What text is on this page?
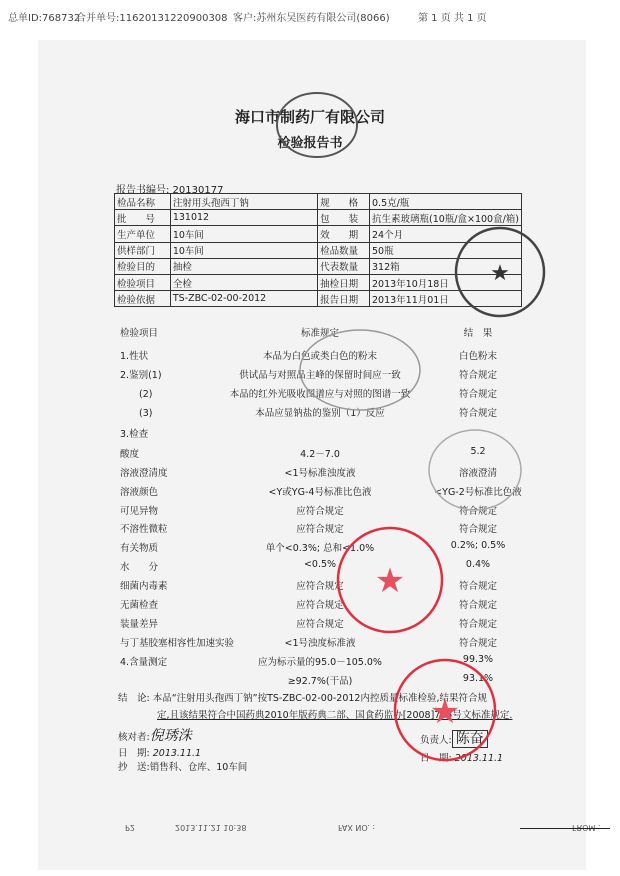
总单ID:768732
合并单号:11620131220900308 客户:苏州东吴医药有限公司(8066)	第 1 页 共 1 页
海口市制药厂有限公司
检验报告书
报告书编号: 20130177
检品名称	注射用头孢西丁钠	规　　格	0.5克/瓶
批　　号	131012	包　　装	抗生素玻璃瓶(10瓶/盒×100盒/箱)
生产单位	10车间	效　　期	24个月
供样部门	10车间	检品数量	50瓶
检验目的	抽检	代表数量	312箱
检验项目	全检	抽检日期	2013年10月18日
检验依据	TS-ZBC-02-00-2012	报告日期	2013年11月01日
检验项目	标准规定	结　果
1.性状	本品为白色或类白色的粉末	白色粉末
2.鉴别(1)	供试品与对照品主峰的保留时间应一致	符合规定
　　(2)	本品的红外光吸收图谱应与对照的图谱一致	符合规定
　　(3)	本品应显钠盐的鉴别（1）反应	符合规定
3.检查
酸度	4.2－7.0	5.2
溶液澄清度	<1号标准浊度液	溶液澄清
溶液颜色	<Y或YG-4号标准比色液	<YG-2号标准比色液
可见异物	应符合规定	符合规定
不溶性微粒	应符合规定	符合规定
有关物质	单个<0.3%; 总和<1.0%	0.2%; 0.5%
水　　分	<0.5%	0.4%
细菌内毒素	应符合规定	符合规定
无菌检查	应符合规定	符合规定
装量差异	应符合规定	符合规定
与丁基胶塞相容性加速实验	<1号浊度标准液	符合规定
4.含量测定	应为标示量的95.0－105.0%	99.3%
≥92.7%(干品)	93.1%
结　论: 本品“注射用头孢西丁钠”按TS-ZBC-02-00-2012内控质量标准检验,结果符合规
定,且该结果符合中国药典2010年版药典二部、国食药监办[2008]765号文标准规定.
核对者:倪琇洙
日　期: 2013.11.1
抄　送:销售科、仓库、10车间
负责人: 陈奋
日　期: 2013.11.1
P2	2013.11.21 10:38	FAX NO. :	FROM :
★
★
★
